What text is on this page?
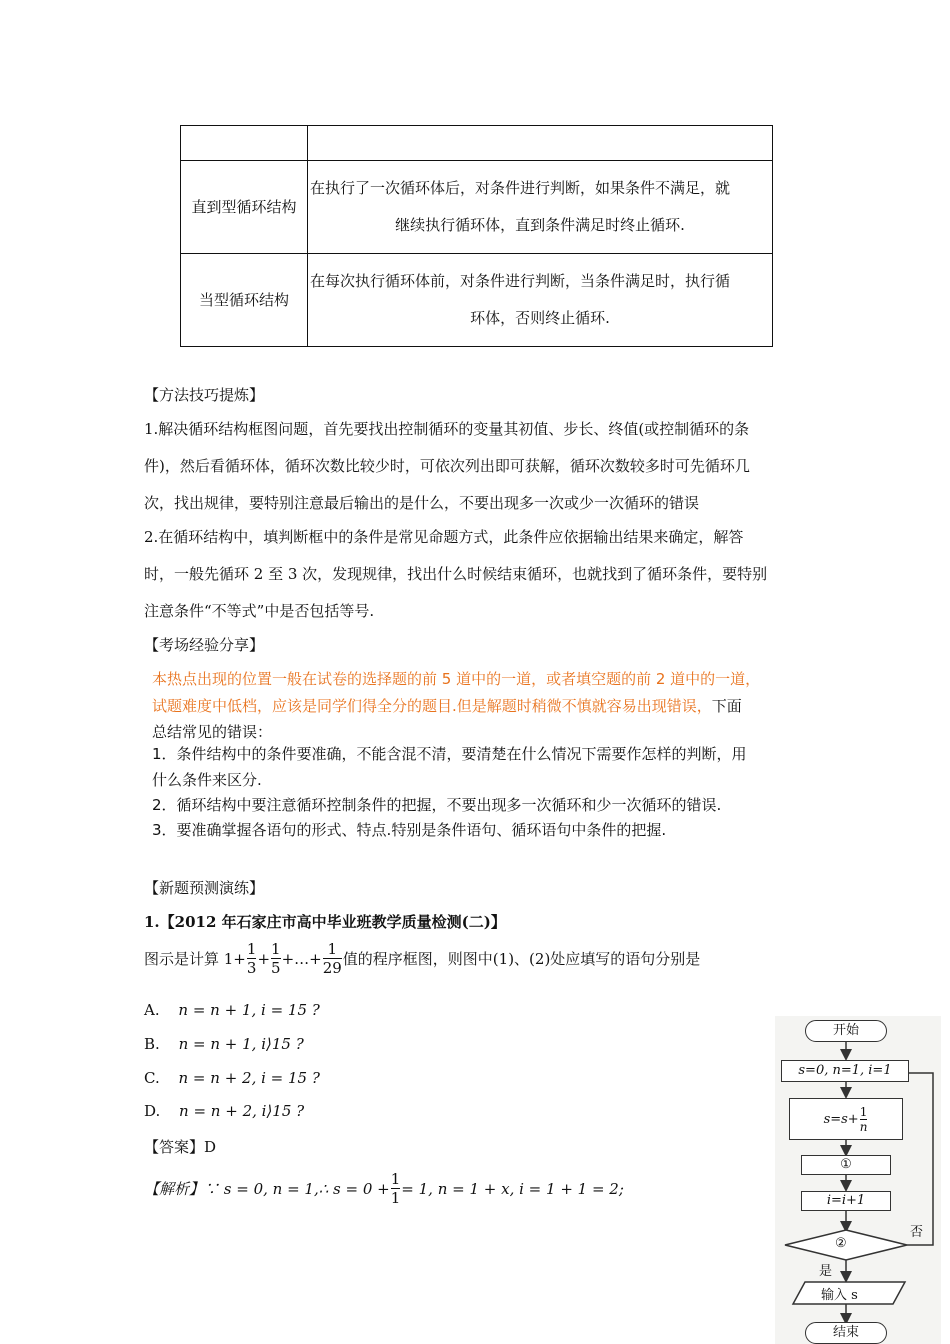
直到型循环结构	在执行了一次循环体后，对条件进行判断，如果条件不满足，就
继续执行循环体，直到条件满足时终止循环.

当型循环结构	在每次执行循环体前，对条件进行判断，当条件满足时，执行循
环体，否则终止循环.
【方法技巧提炼】
1.解决循环结构框图问题，首先要找出控制循环的变量其初值、步长、终值(或控制循环的条
件)，然后看循环体，循环次数比较少时，可依次列出即可获解，循环次数较多时可先循环几
次，找出规律，要特别注意最后输出的是什么，不要出现多一次或少一次循环的错误
2.在循环结构中，填判断框中的条件是常见命题方式，此条件应依据输出结果来确定，解答
时，一般先循环 2 至 3 次，发现规律，找出什么时候结束循环，也就找到了循环条件，要特别
注意条件“不等式”中是否包括等号.
【考场经验分享】
本热点出现的位置一般在试卷的选择题的前 5 道中的一道，或者填空题的前 2 道中的一道，
试题难度中低档，应该是同学们得全分的题目.但是解题时稍微不慎就容易出现错误，下面
总结常见的错误：
1．条件结构中的条件要准确，不能含混不清，要清楚在什么情况下需要作怎样的判断，用
什么条件来区分.
2．循环结构中要注意循环控制条件的把握，不要出现多一次循环和少一次循环的错误.
3．要准确掌握各语句的形式、特点.特别是条件语句、循环语句中条件的把握.
【新题预测演练】
1.【2012 年石家庄市高中毕业班教学质量检测(二)】
图示是计算 $1+ \frac{1}{3} + \frac{1}{5}$ +…+ $\frac{1}{29}$ 值的程序框图，则图中(1)、(2)处应填写的语句分别是
A. n = n + 1, i = 15 ?
B. n = n + 1, i⟩15 ?
C. n = n + 2, i = 15 ?
D. n = n + 2, i⟩15 ?
【答案】D
【解析】∵ s = 0, n = 1,∴ $s = 0 + \frac{1}{1} = 1$, n = 1 + x, i = 1 + 1 = 2;
开始
s=0, n=1, i=1
$s=s+ \frac{1}{n}$
①
i=i+1
②
否
是
输入 s
结束
